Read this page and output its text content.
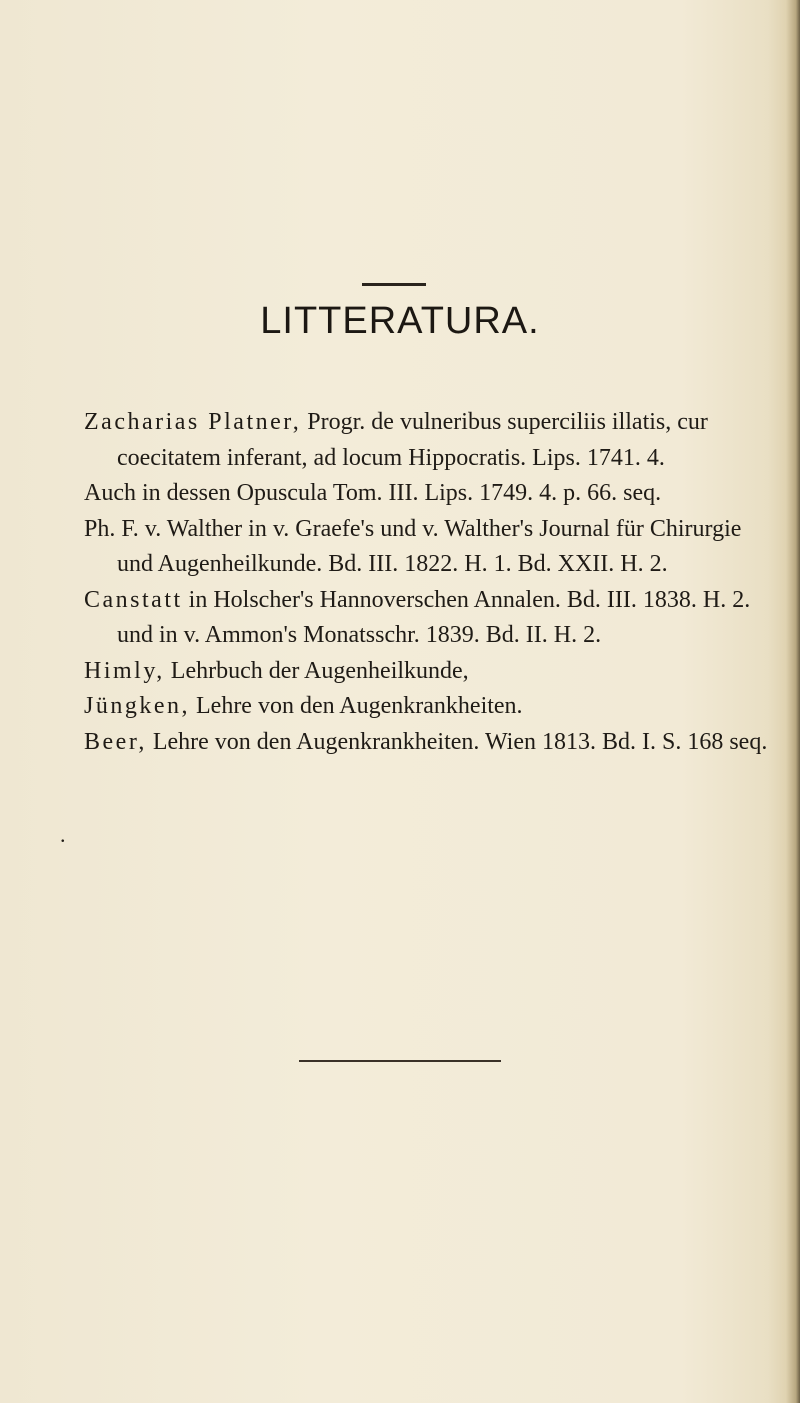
LITTERATURA.

Zacharias Platner, Progr. de vulneribus superciliis illatis, cur coecitatem inferant, ad locum Hippocratis. Lips. 1741. 4.

Auch in dessen Opuscula Tom. III. Lips. 1749. 4. p. 66. seq.

Ph. F. v. Walther in v. Graefe's und v. Walther's Journal für Chirurgie und Augenheilkunde. Bd. III. 1822. H. 1. Bd. XXII. H. 2.

Canstatt in Holscher's Hannoverschen Annalen. Bd. III. 1838. H. 2. und in v. Ammon's Monatsschr. 1839. Bd. II. H. 2.

Himly, Lehrbuch der Augenheilkunde,

Jüngken, Lehre von den Augenkrankheiten.

Beer, Lehre von den Augenkrankheiten. Wien 1813. Bd. I. S. 168 seq.

.
